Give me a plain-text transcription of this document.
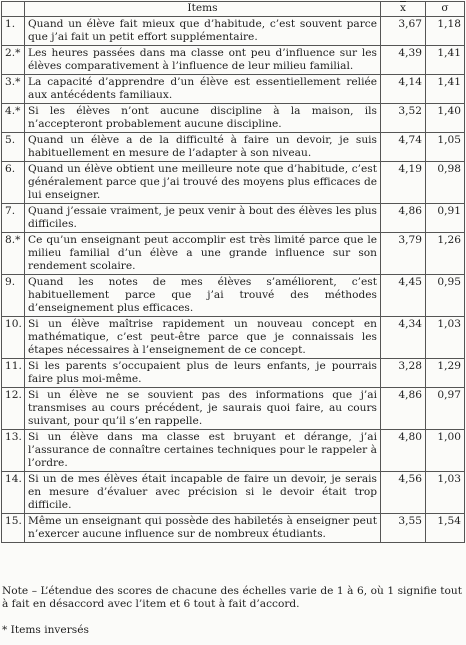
	Items	$\overline{x}$	σ
1.	Quand un élève fait mieux que d’habitude, c’est souvent parce que j’ai fait un petit effort supplémentaire.	3,67	1,18
2.*	Les heures passées dans ma classe ont peu d’influence sur les élèves comparativement à l’influence de leur milieu familial.	4,39	1,41
3.*	La capacité d’apprendre d’un élève est essentiellement reliée aux antécédents familiaux.	4,14	1,41
4.*	Si les élèves n’ont aucune discipline à la maison, ils n’accepteront probablement aucune discipline.	3,52	1,40
5.	Quand un élève a de la difficulté à faire un devoir, je suis habituellement en mesure de l’adapter à son niveau.	4,74	1,05
6.	Quand un élève obtient une meilleure note que d’habitude, c’est généralement parce que j’ai trouvé des moyens plus efficaces de lui enseigner.	4,19	0,98
7.	Quand j’essaie vraiment, je peux venir à bout des élèves les plus difficiles.	4,86	0,91
8.*	Ce qu’un enseignant peut accomplir est très limité parce que le milieu familial d’un élève a une grande influence sur son rendement scolaire.	3,79	1,26
9.	Quand les notes de mes élèves s’améliorent, c’est habituellement parce que j’ai trouvé des méthodes d’enseignement plus efficaces.	4,45	0,95
10.	Si un élève maîtrise rapidement un nouveau concept en mathématique, c’est peut-être parce que je connaissais les étapes nécessaires à l’enseignement de ce concept.	4,34	1,03
11.	Si les parents s’occupaient plus de leurs enfants, je pourrais faire plus moi-même.	3,28	1,29
12.	Si un élève ne se souvient pas des informations que j’ai transmises au cours précédent, je saurais quoi faire, au cours suivant, pour qu’il s’en rappelle.	4,86	0,97
13.	Si un élève dans ma classe est bruyant et dérange, j’ai l’assurance de connaître certaines techniques pour le rappeler à l’ordre.	4,80	1,00
14.	Si un de mes élèves était incapable de faire un devoir, je serais en mesure d’évaluer avec précision si le devoir était trop difficile.	4,56	1,03
15.	Même un enseignant qui possède des habiletés à enseigner peut n’exercer aucune influence sur de nombreux étudiants.	3,55	1,54
Note – L’étendue des scores de chacune des échelles varie de 1 à 6, où 1 signifie tout à fait en désaccord avec l’item et 6 tout à fait d’accord.
* Items inversés
